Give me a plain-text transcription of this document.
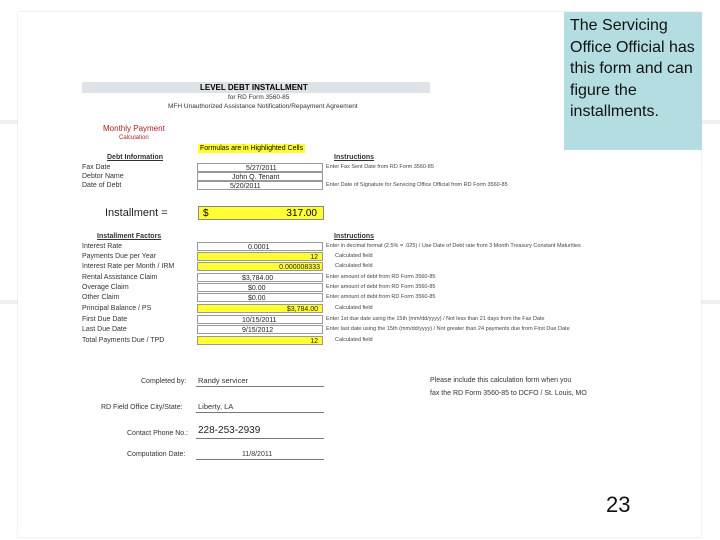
LEVEL DEBT INSTALLMENT
for RD Form 3560-85
MFH Unauthorized Assistance Notification/Repayment Agreement
Monthly Payment
Calculation
Formulas are in Highlighted Cells
Debt Information	Instructions
Fax Date	5/27/2011	Enter Fax Sent Date from RD Form 3560-85
Debtor Name	John Q. Tenant
Date of Debt	5/20/2011	Enter Date of Signature for Servicing Office Official from RD Form 3560-85
Installment =	$	317.00
Installment Factors	Instructions
Interest Rate	0.0001	Enter in decimal format (2.5% = .025) / Use Date of Debt rate from 3 Month Treasury Constant Maturities
Payments Due per Year	12	Calculated field
Interest Rate per Month / IRM	0.000008333	Calculated field
Rental Assistance Claim	$3,784.00	Enter amount of debt from RD Form 3560-85
Overage Claim	$0.00	Enter amount of debt from RD Form 3560-85
Other Claim	$0.00	Enter amount of debt from RD Form 3560-85
Principal Balance / PS	$3,784.00	Calculated field
First Due Date	10/15/2011	Enter 1st due date using the 15th (mm/dd/yyyy) / Not less than 21 days from the Fax Date
Last Due Date	9/15/2012	Enter last date using the 15th (mm/dd/yyyy) / Not greater than 24 payments due from First Due Date
Total Payments Due / TPD	12	Calculated field
Completed by: Randy servicer	Please include this calculation form when you
fax the RD Form 3560-85 to DCFO / St. Louis, MO
RD Field Office City/State: Liberty, LA
Contact Phone No.: 228-253-2939
Computation Date:	11/8/2011
The Servicing Office Official has this form and can figure the installments.
23
